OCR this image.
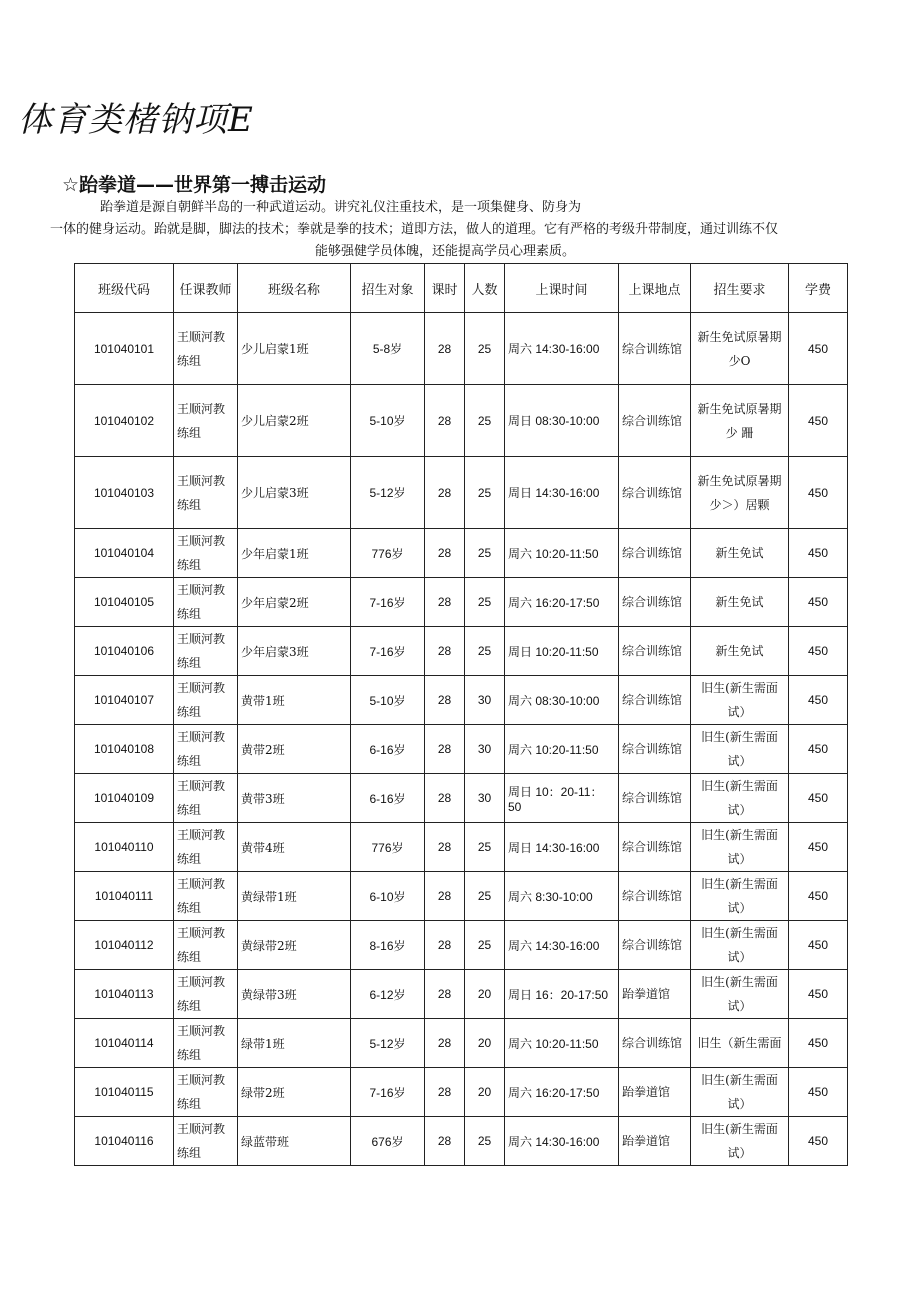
体育类楮钠项E
☆跆拳道——世界第一搏击运动
跆拳道是源自朝鲜半岛的一种武道运动。讲究礼仪注重技术，是一项集健身、防身为
一体的健身运动。跆就是脚，脚法的技术；拳就是拳的技术；道即方法，做人的道理。它有严格的考级升带制度，通过训练不仅
能够强健学员体魄，还能提高学员心理素质。
班级代码	任课教师	班级名称	招生对象	课时	人数	上课时间	上课地点	招生要求	学费
101040101	王顺河教练组	少儿启蒙1班	5-8岁	28	25	周六 14:30-16:00	综合训练馆	新生免试原暑期少O	450
101040102	王顺河教练组	少儿启蒙2班	5-10岁	28	25	周日 08:30-10:00	综合训练馆	新生免试原暑期少 跚	450
101040103	王顺河教练组	少儿启蒙3班	5-12岁	28	25	周日 14:30-16:00	综合训练馆	新生免试原暑期少＞）居颗	450
101040104	王顺河教练组	少年启蒙1班	776岁	28	25	周六 10:20-11:50	综合训练馆	新生免试	450
101040105	王顺河教练组	少年启蒙2班	7-16岁	28	25	周六 16:20-17:50	综合训练馆	新生免试	450
101040106	王顺河教练组	少年启蒙3班	7-16岁	28	25	周日 10:20-11:50	综合训练馆	新生免试	450
101040107	王顺河教练组	黄带1班	5-10岁	28	30	周六 08:30-10:00	综合训练馆	旧生(新生需面试）	450
101040108	王顺河教练组	黄带2班	6-16岁	28	30	周六 10:20-11:50	综合训练馆	旧生(新生需面试）	450
101040109	王顺河教练组	黄带3班	6-16岁	28	30	周日 10：20-11：50	综合训练馆	旧生(新生需面试）	450
101040110	王顺河教练组	黄带4班	776岁	28	25	周日 14:30-16:00	综合训练馆	旧生(新生需面试）	450
101040111	王顺河教练组	黄绿带1班	6-10岁	28	25	周六 8:30-10:00	综合训练馆	旧生(新生需面试）	450
101040112	王顺河教练组	黄绿带2班	8-16岁	28	25	周六 14:30-16:00	综合训练馆	旧生(新生需面试）	450
101040113	王顺河教练组	黄绿带3班	6-12岁	28	20	周日 16：20-17:50	跆拳道馆	旧生(新生需面试）	450
101040114	王顺河教练组	绿带1班	5-12岁	28	20	周六 10:20-11:50	综合训练馆	旧生（新生需面	450
101040115	王顺河教练组	绿带2班	7-16岁	28	20	周六 16:20-17:50	跆拳道馆	旧生(新生需面试）	450
101040116	王顺河教练组	绿蓝带班	676岁	28	25	周六 14:30-16:00	跆拳道馆	旧生(新生需面试）	450
